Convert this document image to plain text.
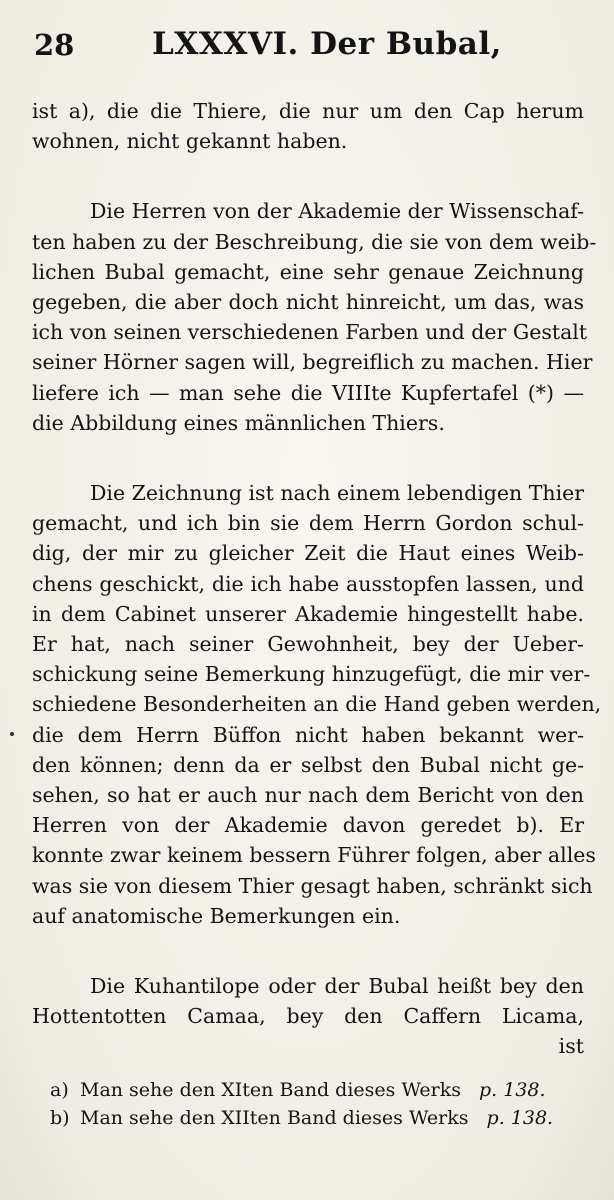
28	LXXXVI. Der Bubal,

ist a), die die Thiere, die nur um den Cap herum
wohnen, nicht gekannt haben.

Die Herren von der Akademie der Wissenschaf-
ten haben zu der Beschreibung, die sie von dem weib-
lichen Bubal gemacht, eine sehr genaue Zeichnung
gegeben, die aber doch nicht hinreicht, um das, was
ich von seinen verschiedenen Farben und der Gestalt
seiner Hörner sagen will, begreiflich zu machen. Hier
liefere ich — man sehe die VIIIte Kupfertafel (*) —
die Abbildung eines männlichen Thiers.

Die Zeichnung ist nach einem lebendigen Thier
gemacht, und ich bin sie dem Herrn Gordon schul-
dig, der mir zu gleicher Zeit die Haut eines Weib-
chens geschickt, die ich habe ausstopfen lassen, und
in dem Cabinet unserer Akademie hingestellt habe.
Er hat, nach seiner Gewohnheit, bey der Ueber-
schickung seine Bemerkung hinzugefügt, die mir ver-
schiedene Besonderheiten an die Hand geben werden,
die dem Herrn Büffon nicht haben bekannt wer-
den können; denn da er selbst den Bubal nicht ge-
sehen, so hat er auch nur nach dem Bericht von den
Herren von der Akademie davon geredet b). Er
konnte zwar keinem bessern Führer folgen, aber alles
was sie von diesem Thier gesagt haben, schränkt sich
auf anatomische Bemerkungen ein.

Die Kuhantilope oder der Bubal heißt bey den
Hottentotten Camaa, bey den Caffern Licama,

ist
a) Man sehe den XIten Band dieses Werks p. 138.
b) Man sehe den XIIten Band dieses Werks p. 138.
